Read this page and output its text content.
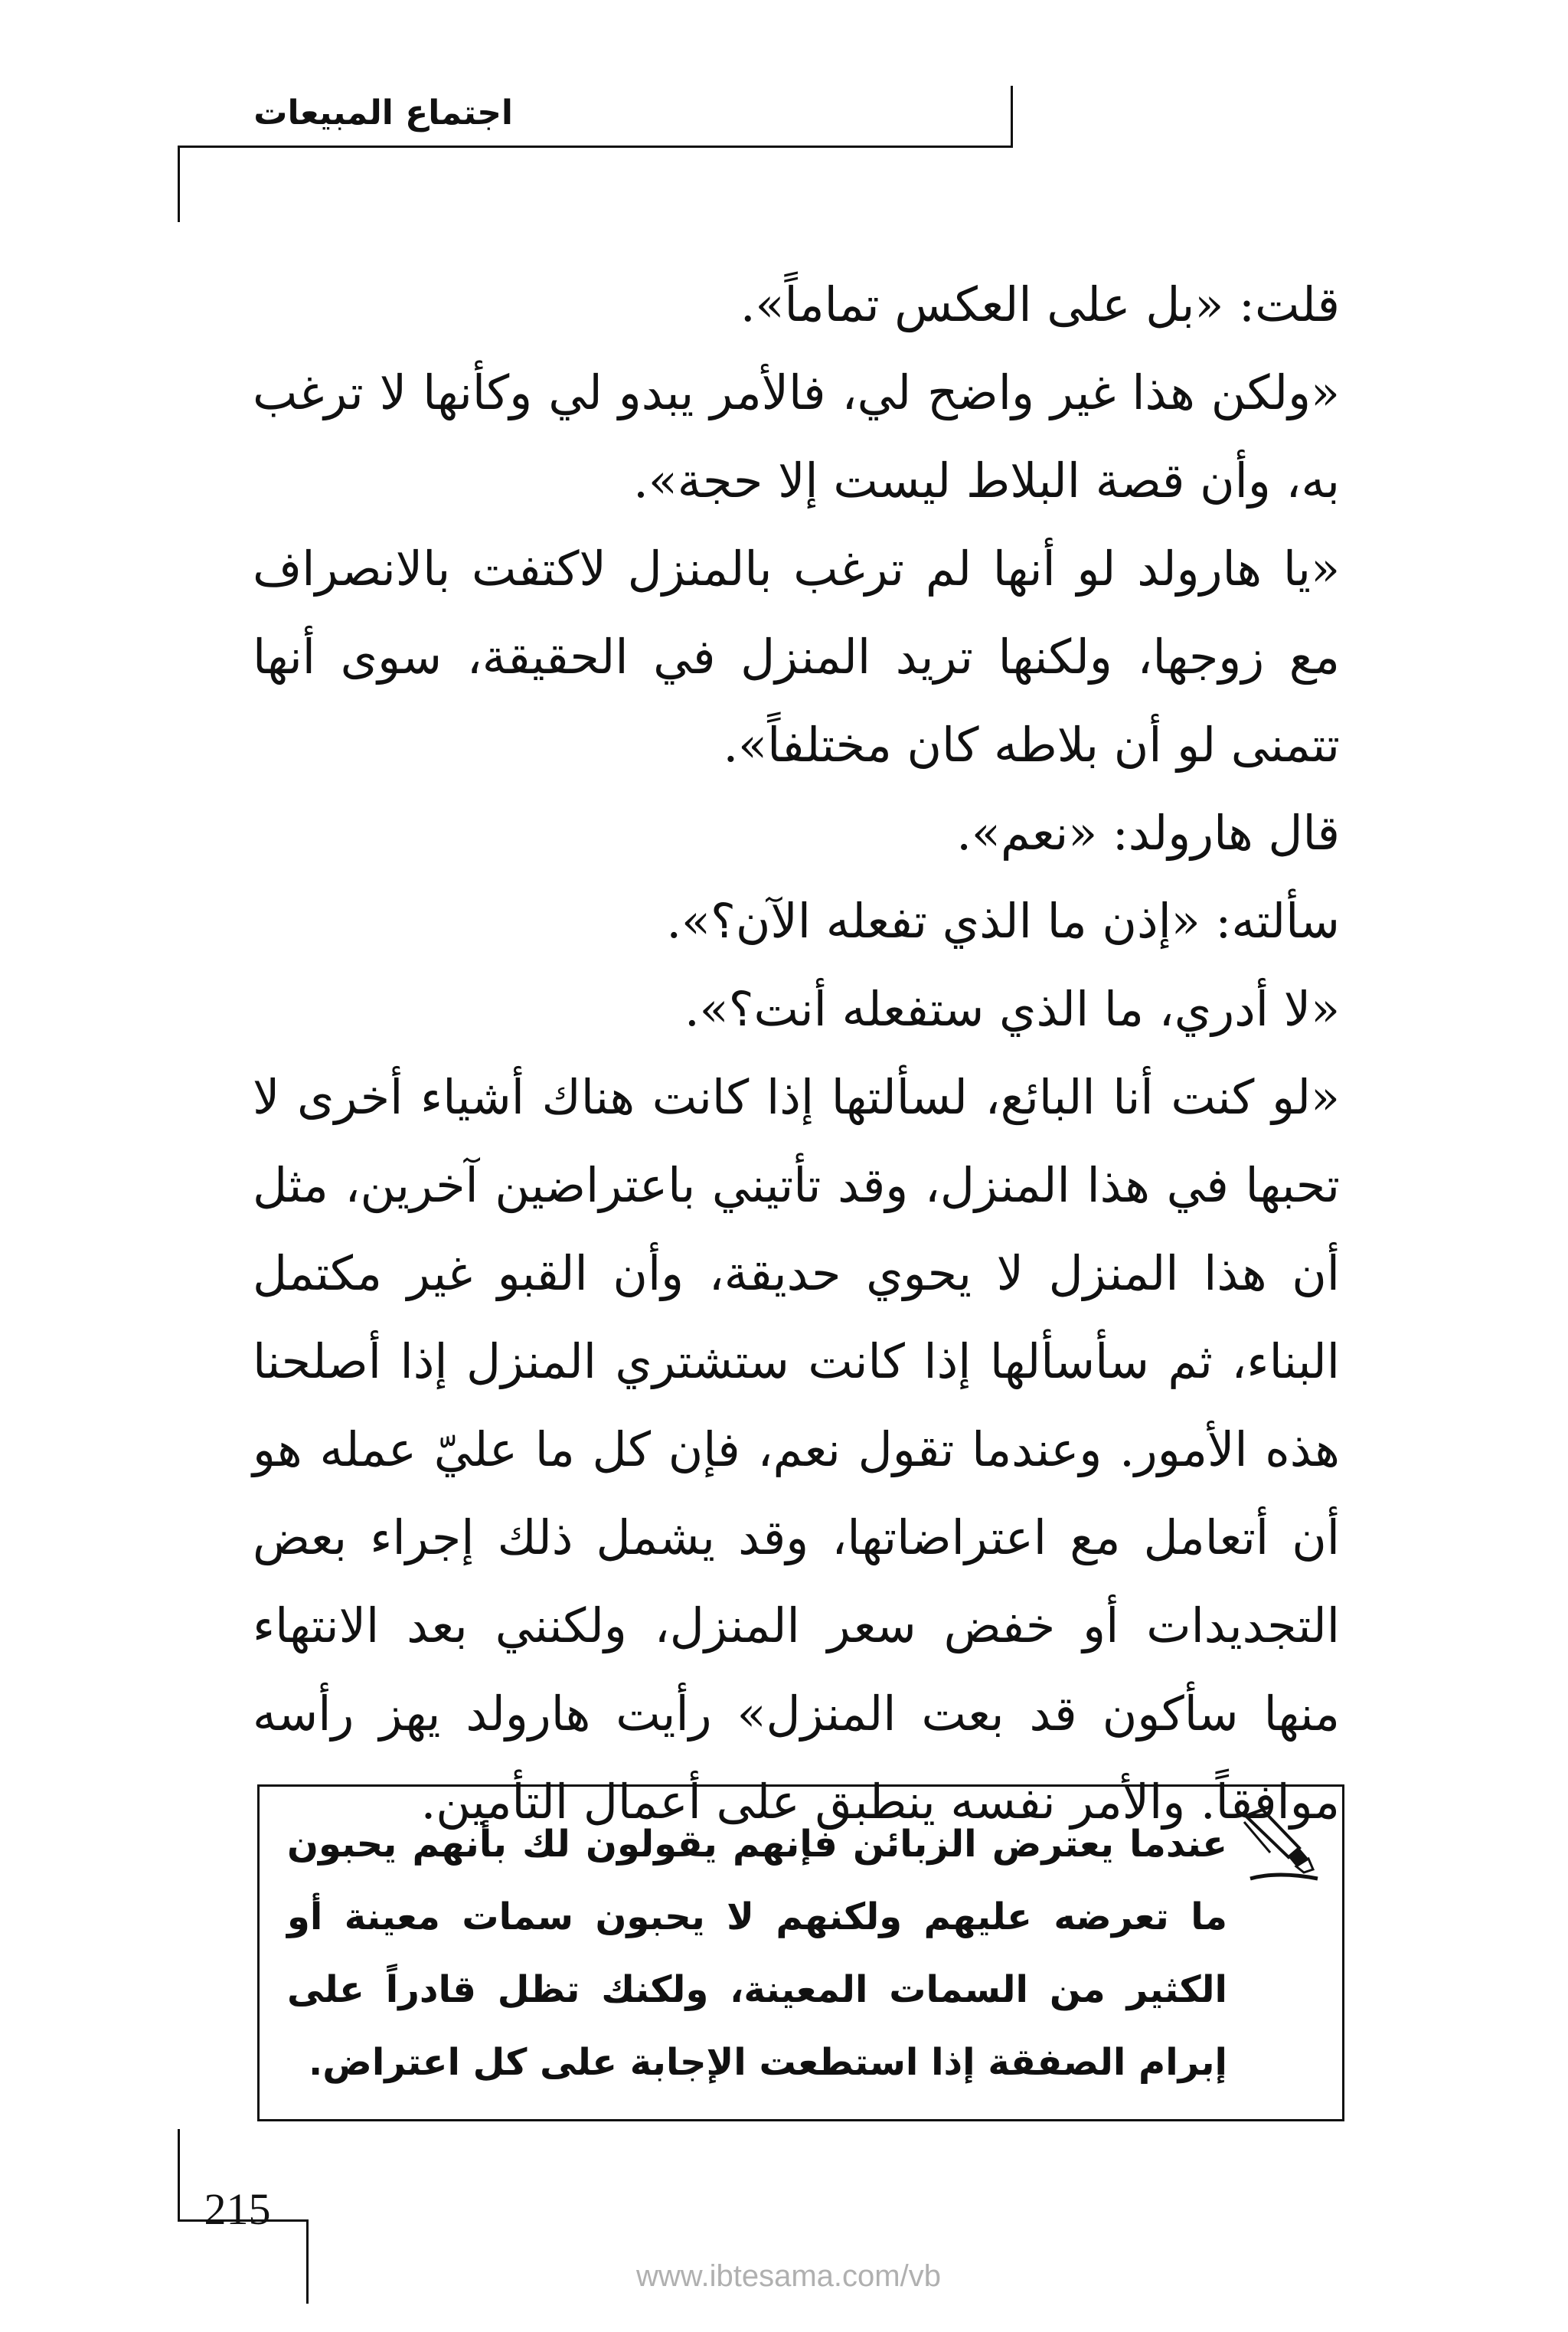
اجتماع المبيعات

قلت: «بل على العكس تماماً».

«ولكن هذا غير واضح لي، فالأمر يبدو لي وكأنها لا ترغب به، وأن قصة البلاط ليست إلا حجة».

«يا هارولد لو أنها لم ترغب بالمنزل لاكتفت بالانصراف مع زوجها، ولكنها تريد المنزل في الحقيقة، سوى أنها تتمنى لو أن بلاطه كان مختلفاً».

قال هارولد: «نعم».

سألته: «إذن ما الذي تفعله الآن؟».

«لا أدري، ما الذي ستفعله أنت؟».

«لو كنت أنا البائع، لسألتها إذا كانت هناك أشياء أخرى لا تحبها في هذا المنزل، وقد تأتيني باعتراضين آخرين، مثل أن هذا المنزل لا يحوي حديقة، وأن القبو غير مكتمل البناء، ثم سأسألها إذا كانت ستشتري المنزل إذا أصلحنا هذه الأمور. وعندما تقول نعم، فإن كل ما عليّ عمله هو أن أتعامل مع اعتراضاتها، وقد يشمل ذلك إجراء بعض التجديدات أو خفض سعر المنزل، ولكنني بعد الانتهاء منها سأكون قد بعت المنزل» رأيت هارولد يهز رأسه موافقاً. والأمر نفسه ينطبق على أعمال التأمين.

عندما يعترض الزبائن فإنهم يقولون لك بأنهم يحبون ما تعرضه عليهم ولكنهم لا يحبون سمات معينة أو الكثير من السمات المعينة، ولكنك تظل قادراً على إبرام الصفقة إذا استطعت الإجابة على كل اعتراض.
215
www.ibtesama.com/vb
